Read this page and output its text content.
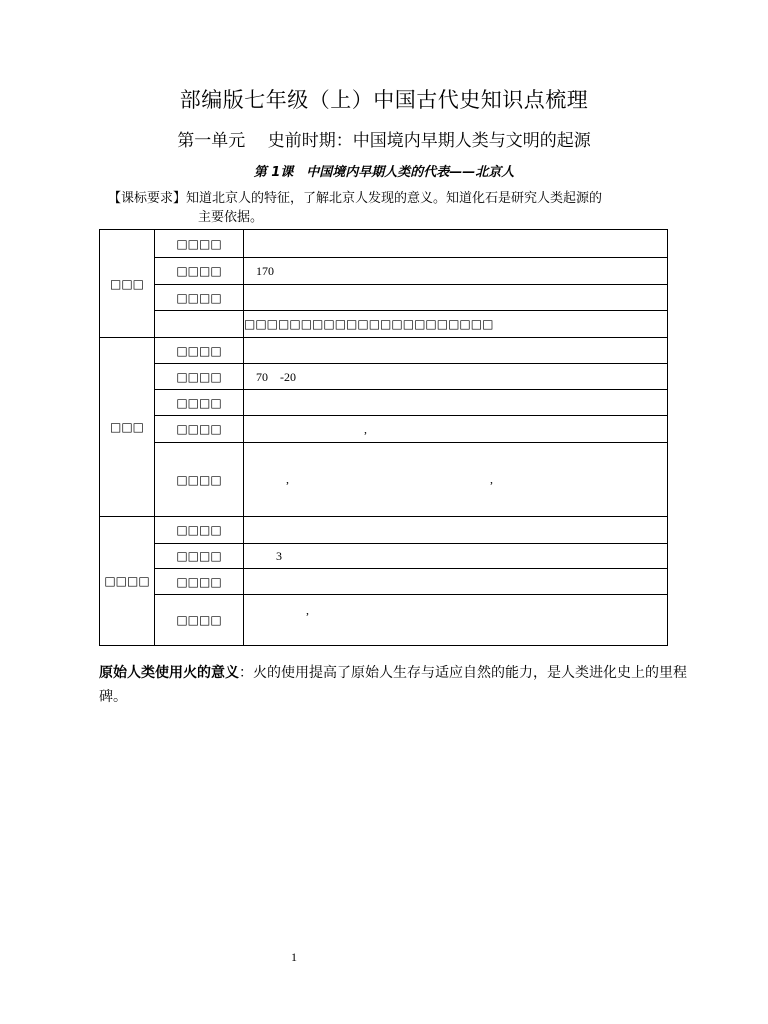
部编版七年级（上）中国古代史知识点梳理
第一单元　 史前时期：中国境内早期人类与文明的起源
第 1课　中国境内早期人类的代表——北京人
【课标要求】知道北京人的特征，了解北京人发现的意义。知道化石是研究人类起源的
主要依据。
□□□	□□□□	
	□□□□	170
	□□□□	
		□□□□□□□□□□□□□□□□□□□□□□
□□□	□□□□	
	□□□□	70　-20
	□□□□	
	□□□□	,
	□□□□	,                                                                   ,
□□□□	□□□□	
	□□□□	3
	□□□□	
	□□□□	,
原始人类使用火的意义：火的使用提高了原始人生存与适应自然的能力，是人类进化史上的里程碑。
1
